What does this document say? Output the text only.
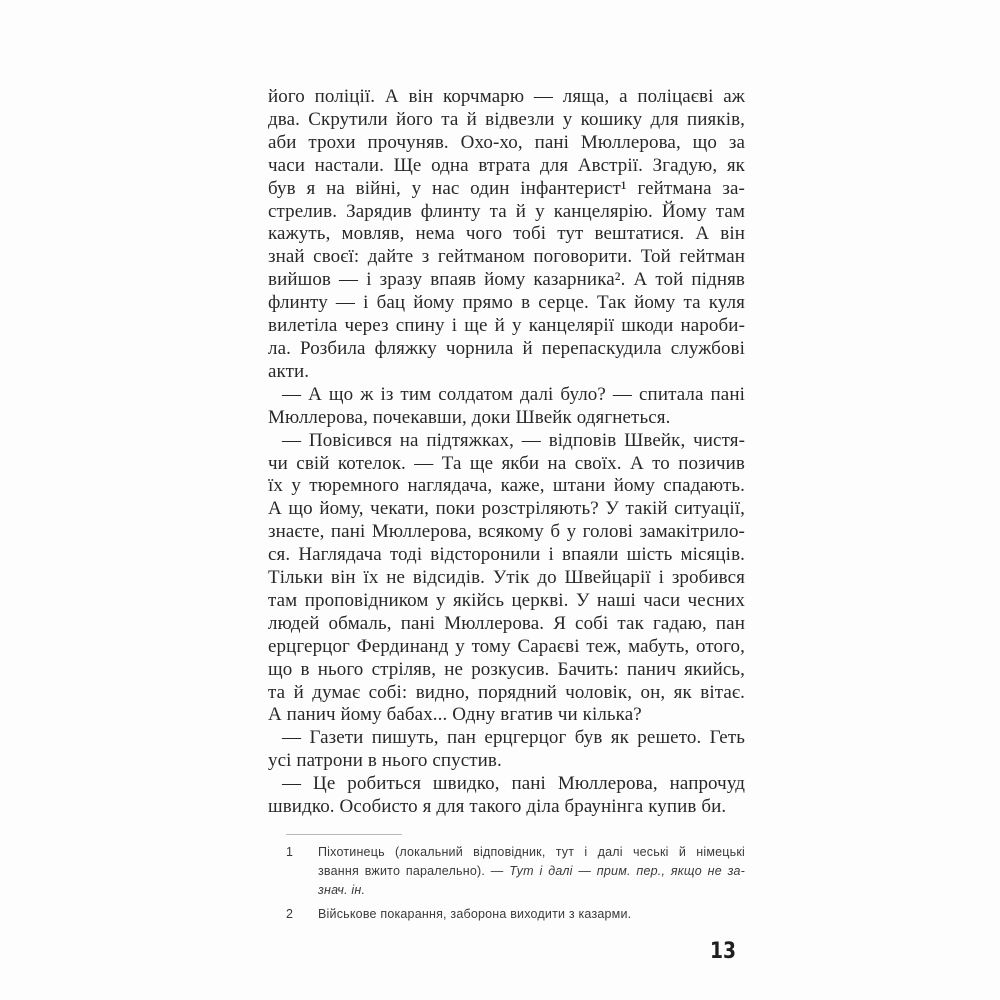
його поліції. А він корчмарю — ляща, а поліцаєві аж
два. Скрутили його та й відвезли у кошику для пияків,
аби трохи прочуняв. Охо-хо, пані Мюллерова, що за
часи настали. Ще одна втрата для Австрії. Згадую, як
був я на війні, у нас один інфантерист¹ гейтмана за-
стрелив. Зарядив флинту та й у канцелярію. Йому там
кажуть, мовляв, нема чого тобі тут вештатися. А він
знай своєї: дайте з гейтманом поговорити. Той гейтман
вийшов — і зразу впаяв йому казарника². А той підняв
флинту — і бац йому прямо в серце. Так йому та куля
вилетіла через спину і ще й у канцелярії шкоди нароби-
ла. Розбила фляжку чорнила й перепаскудила службові
акти.
— А що ж із тим солдатом далі було? — спитала пані
Мюллерова, почекавши, доки Швейк одягнеться.
— Повісився на підтяжках, — відповів Швейк, чистя-
чи свій котелок. — Та ще якби на своїх. А то позичив
їх у тюремного наглядача, каже, штани йому спадають.
А що йому, чекати, поки розстріляють? У такій ситуації,
знаєте, пані Мюллерова, всякому б у голові замакітрило-
ся. Наглядача тоді відсторонили і впаяли шість місяців.
Тільки він їх не відсидів. Утік до Швейцарії і зробився
там проповідником у якійсь церкві. У наші часи чесних
людей обмаль, пані Мюллерова. Я собі так гадаю, пан
ерцгерцог Фердинанд у тому Сараєві теж, мабуть, отого,
що в нього стріляв, не розкусив. Бачить: панич якийсь,
та й думає собі: видно, порядний чоловік, он, як вітає.
А панич йому бабах... Одну вгатив чи кілька?
— Газети пишуть, пан ерцгерцог був як решето. Геть
усі патрони в нього спустив.
— Це робиться швидко, пані Мюллерова, напрочуд
швидко. Особисто я для такого діла браунінга купив би.
1	Піхотинець (локальний відповідник, тут і далі чеські й німецькі
звання вжито паралельно). — Тут і далі — прим. пер., якщо не за-
знач. ін.
2	Військове покарання, заборона виходити з казарми.
13
